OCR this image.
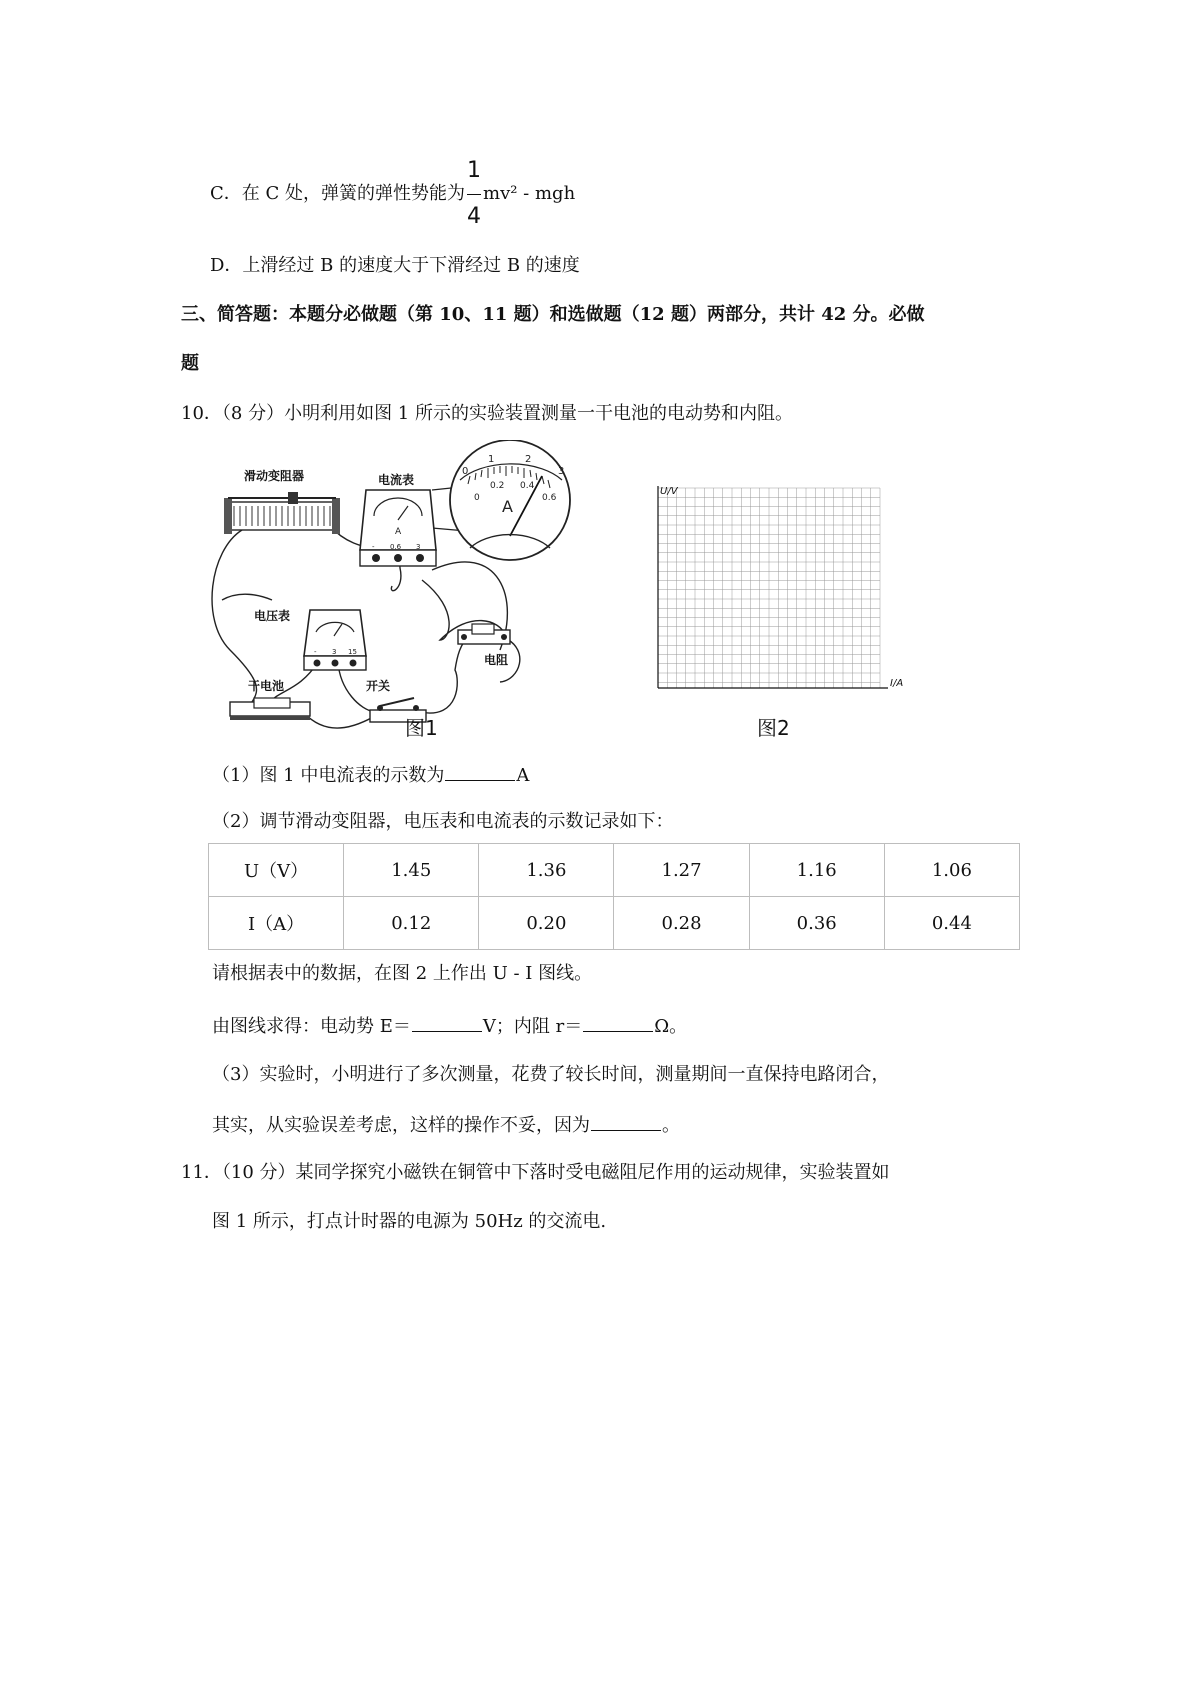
C．在 C 处，弹簧的弹性势能为 $\frac{1}{4} mv^2$ - mgh
D．上滑经过 B 的速度大于下滑经过 B 的速度
三、简答题：本题分必做题（第 10、11 题）和选做题（12 题）两部分，共计 42 分。必做
题
10．（8 分）小明利用如图 1 所示的实验装置测量一干电池的电动势和内阻。
A
- 0.6 3
0
1	2
3
0
0.2 0.4
0.6
A
- 3 15
滑动变阻器	电流表
电压表
干电池	开关
电阻
图1
U/V
I/A
图2
（1）图 1 中电流表的示数为	A
（2）调节滑动变阻器，电压表和电流表的示数记录如下：
U（V）	1.45	1.36	1.27	1.16	1.06
I（A）	0.12	0.20	0.28	0.36	0.44
请根据表中的数据，在图 2 上作出 U - I 图线。
由图线求得：电动势 E＝	V；内阻 r＝	Ω。
（3）实验时，小明进行了多次测量，花费了较长时间，测量期间一直保持电路闭合，
其实，从实验误差考虑，这样的操作不妥，因为	。
11．（10 分）某同学探究小磁铁在铜管中下落时受电磁阻尼作用的运动规律，实验装置如
图 1 所示，打点计时器的电源为 50Hz 的交流电.
